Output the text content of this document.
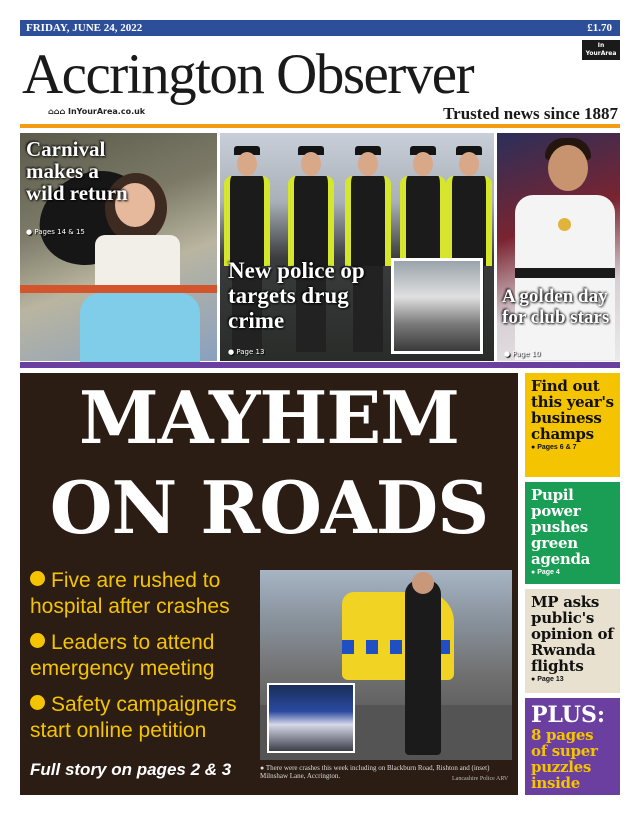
FRIDAY, JUNE 24, 2022	£1.70
Accrington Observer	In
YourArea
⌂⌂⌂ InYourArea.co.uk	Trusted news since 1887
Carnival makes a wild return
● Pages 14 & 15
New police op targets drug crime
● Page 13
A golden day for club stars
● Page 10
MAYHEM
ON ROADS
Five are rushed to hospital after crashes
Leaders to attend emergency meeting
Safety campaigners start online petition
Full story on pages 2 & 3	● There were crashes this week including on Blackburn Road, Rishton and (inset) Milnshaw Lane, Accrington.	Lancashire Police ARV
Find out this year's business champs
● Pages 6 & 7
Pupil power pushes green agenda
● Page 4
MP asks public's opinion of Rwanda flights
● Page 13
PLUS:
8 pages of super puzzles inside
